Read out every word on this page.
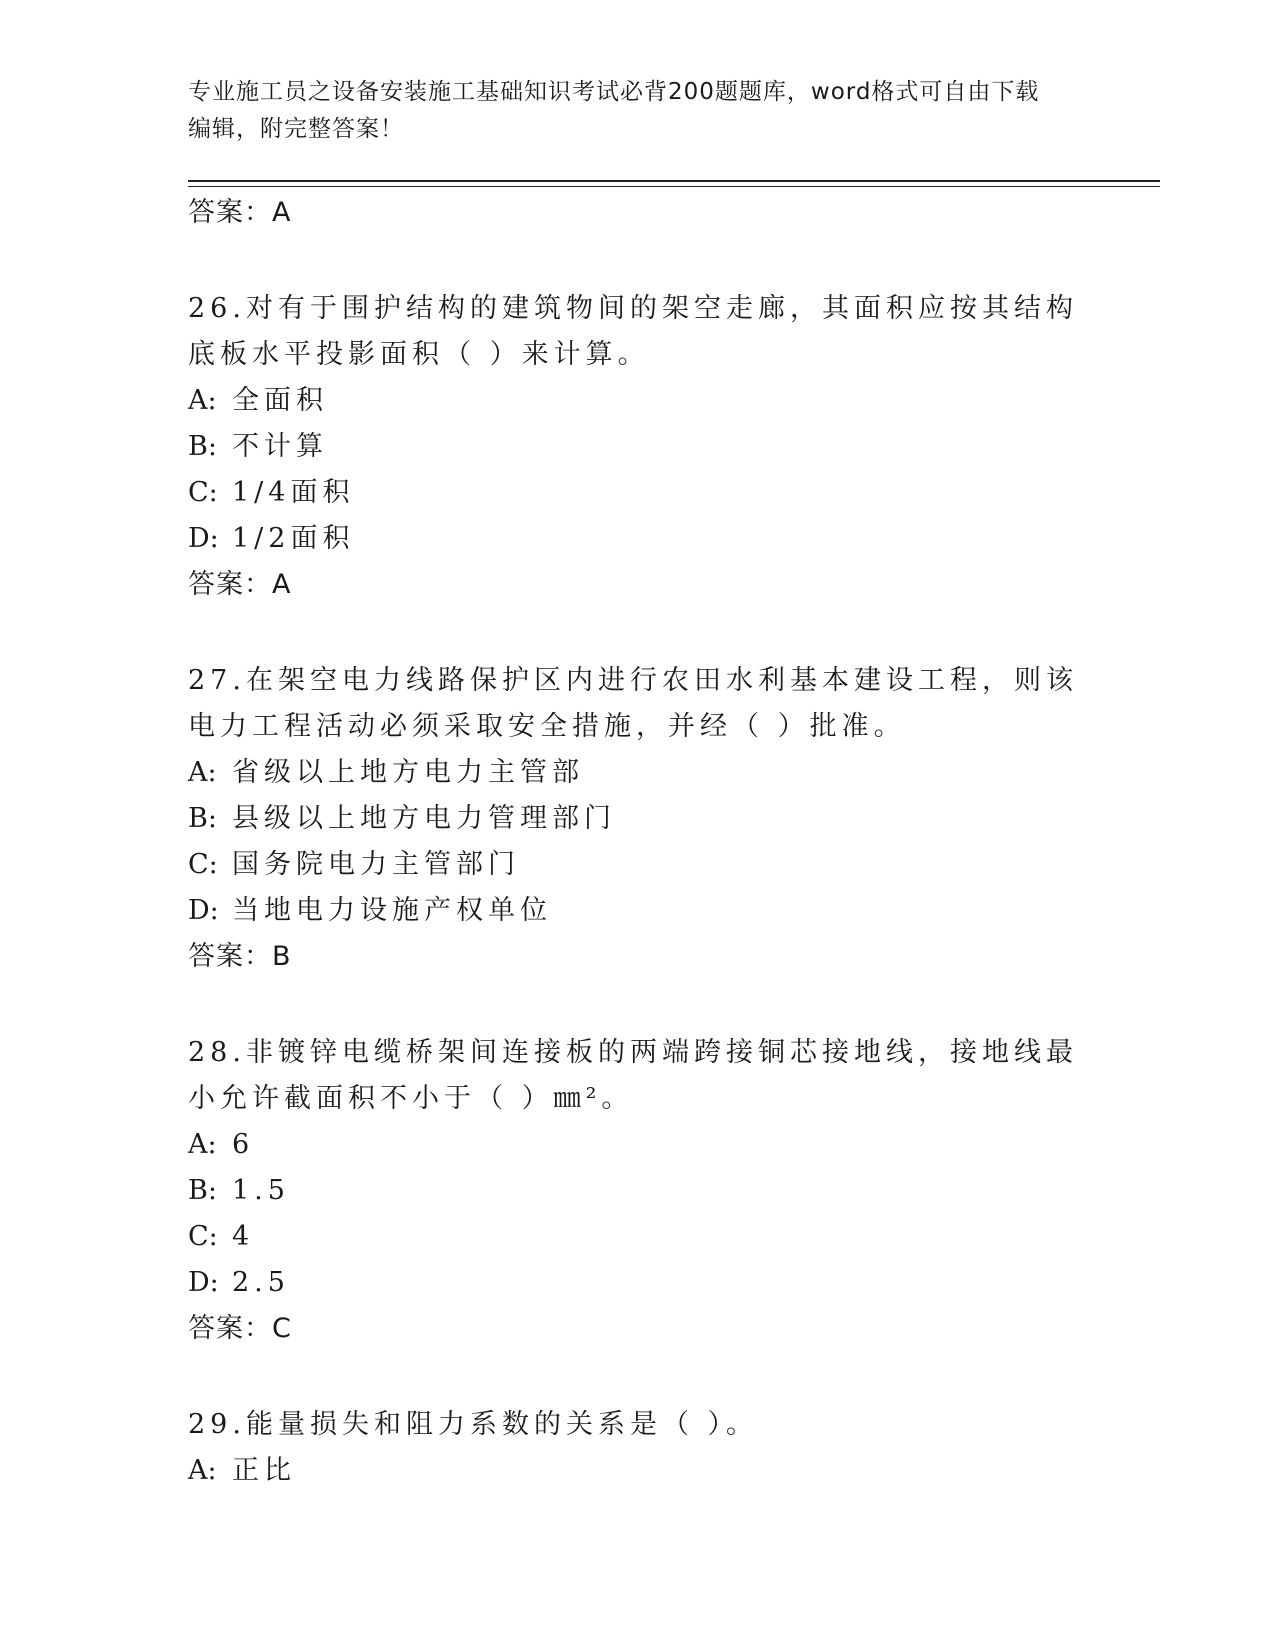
专业施工员之设备安装施工基础知识考试必背200题题库，word格式可自由下载
编辑，附完整答案！
答案：A
26.对有于围护结构的建筑物间的架空走廊，其面积应按其结构底板水平投影面积（ ）来计算。
A: 全面积
B: 不计算
C: 1/4面积
D: 1/2面积
答案：A
27.在架空电力线路保护区内进行农田水利基本建设工程，则该电力工程活动必须采取安全措施，并经（ ）批准。
A: 省级以上地方电力主管部
B: 县级以上地方电力管理部门
C: 国务院电力主管部门
D: 当地电力设施产权单位
答案：B
28.非镀锌电缆桥架间连接板的两端跨接铜芯接地线，接地线最小允许截面积不小于（ ）㎜²。
A: 6
B: 1.5
C: 4
D: 2.5
答案：C
29.能量损失和阻力系数的关系是（ ）。
A: 正比
